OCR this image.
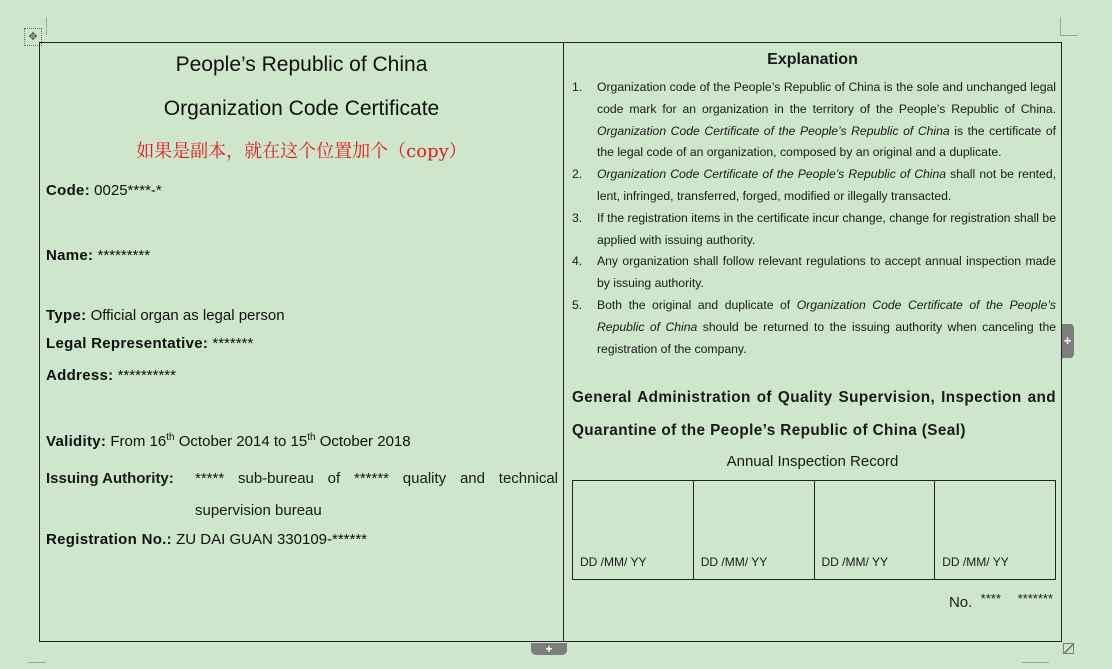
✥
+
+
People’s Republic of China
Organization Code Certificate
如果是副本，就在这个位置加个（copy）
Code: 0025****-*
Name: *********
Type: Official organ as legal person
Legal Representative: *******
Address: **********
Validity: From 16th October 2014 to 15th October 2018
Issuing Authority:	***** sub-bureau of ****** quality and technical supervision bureau
Registration No.: ZU DAI GUAN 330109-******
Explanation
1.	Organization code of the People’s Republic of China is the sole and unchanged legal code mark for an organization in the territory of the People’s Republic of China. Organization Code Certificate of the People’s Republic of China is the certificate of the legal code of an organization, composed by an original and a duplicate.
2.	Organization Code Certificate of the People’s Republic of China shall not be rented, lent, infringed, transferred, forged, modified or illegally transacted.
3.	If the registration items in the certificate incur change, change for registration shall be applied with issuing authority.
4.	Any organization shall follow relevant regulations to accept annual inspection made by issuing authority.
5.	Both the original and duplicate of Organization Code Certificate of the People’s Republic of China should be returned to the issuing authority when canceling the registration of the company.
General Administration of Quality Supervision, Inspection and Quarantine of the People’s Republic of China (Seal)
Annual Inspection Record
DD /MM/ YY	DD /MM/ YY	DD /MM/ YY	DD /MM/ YY
No. **** *******
